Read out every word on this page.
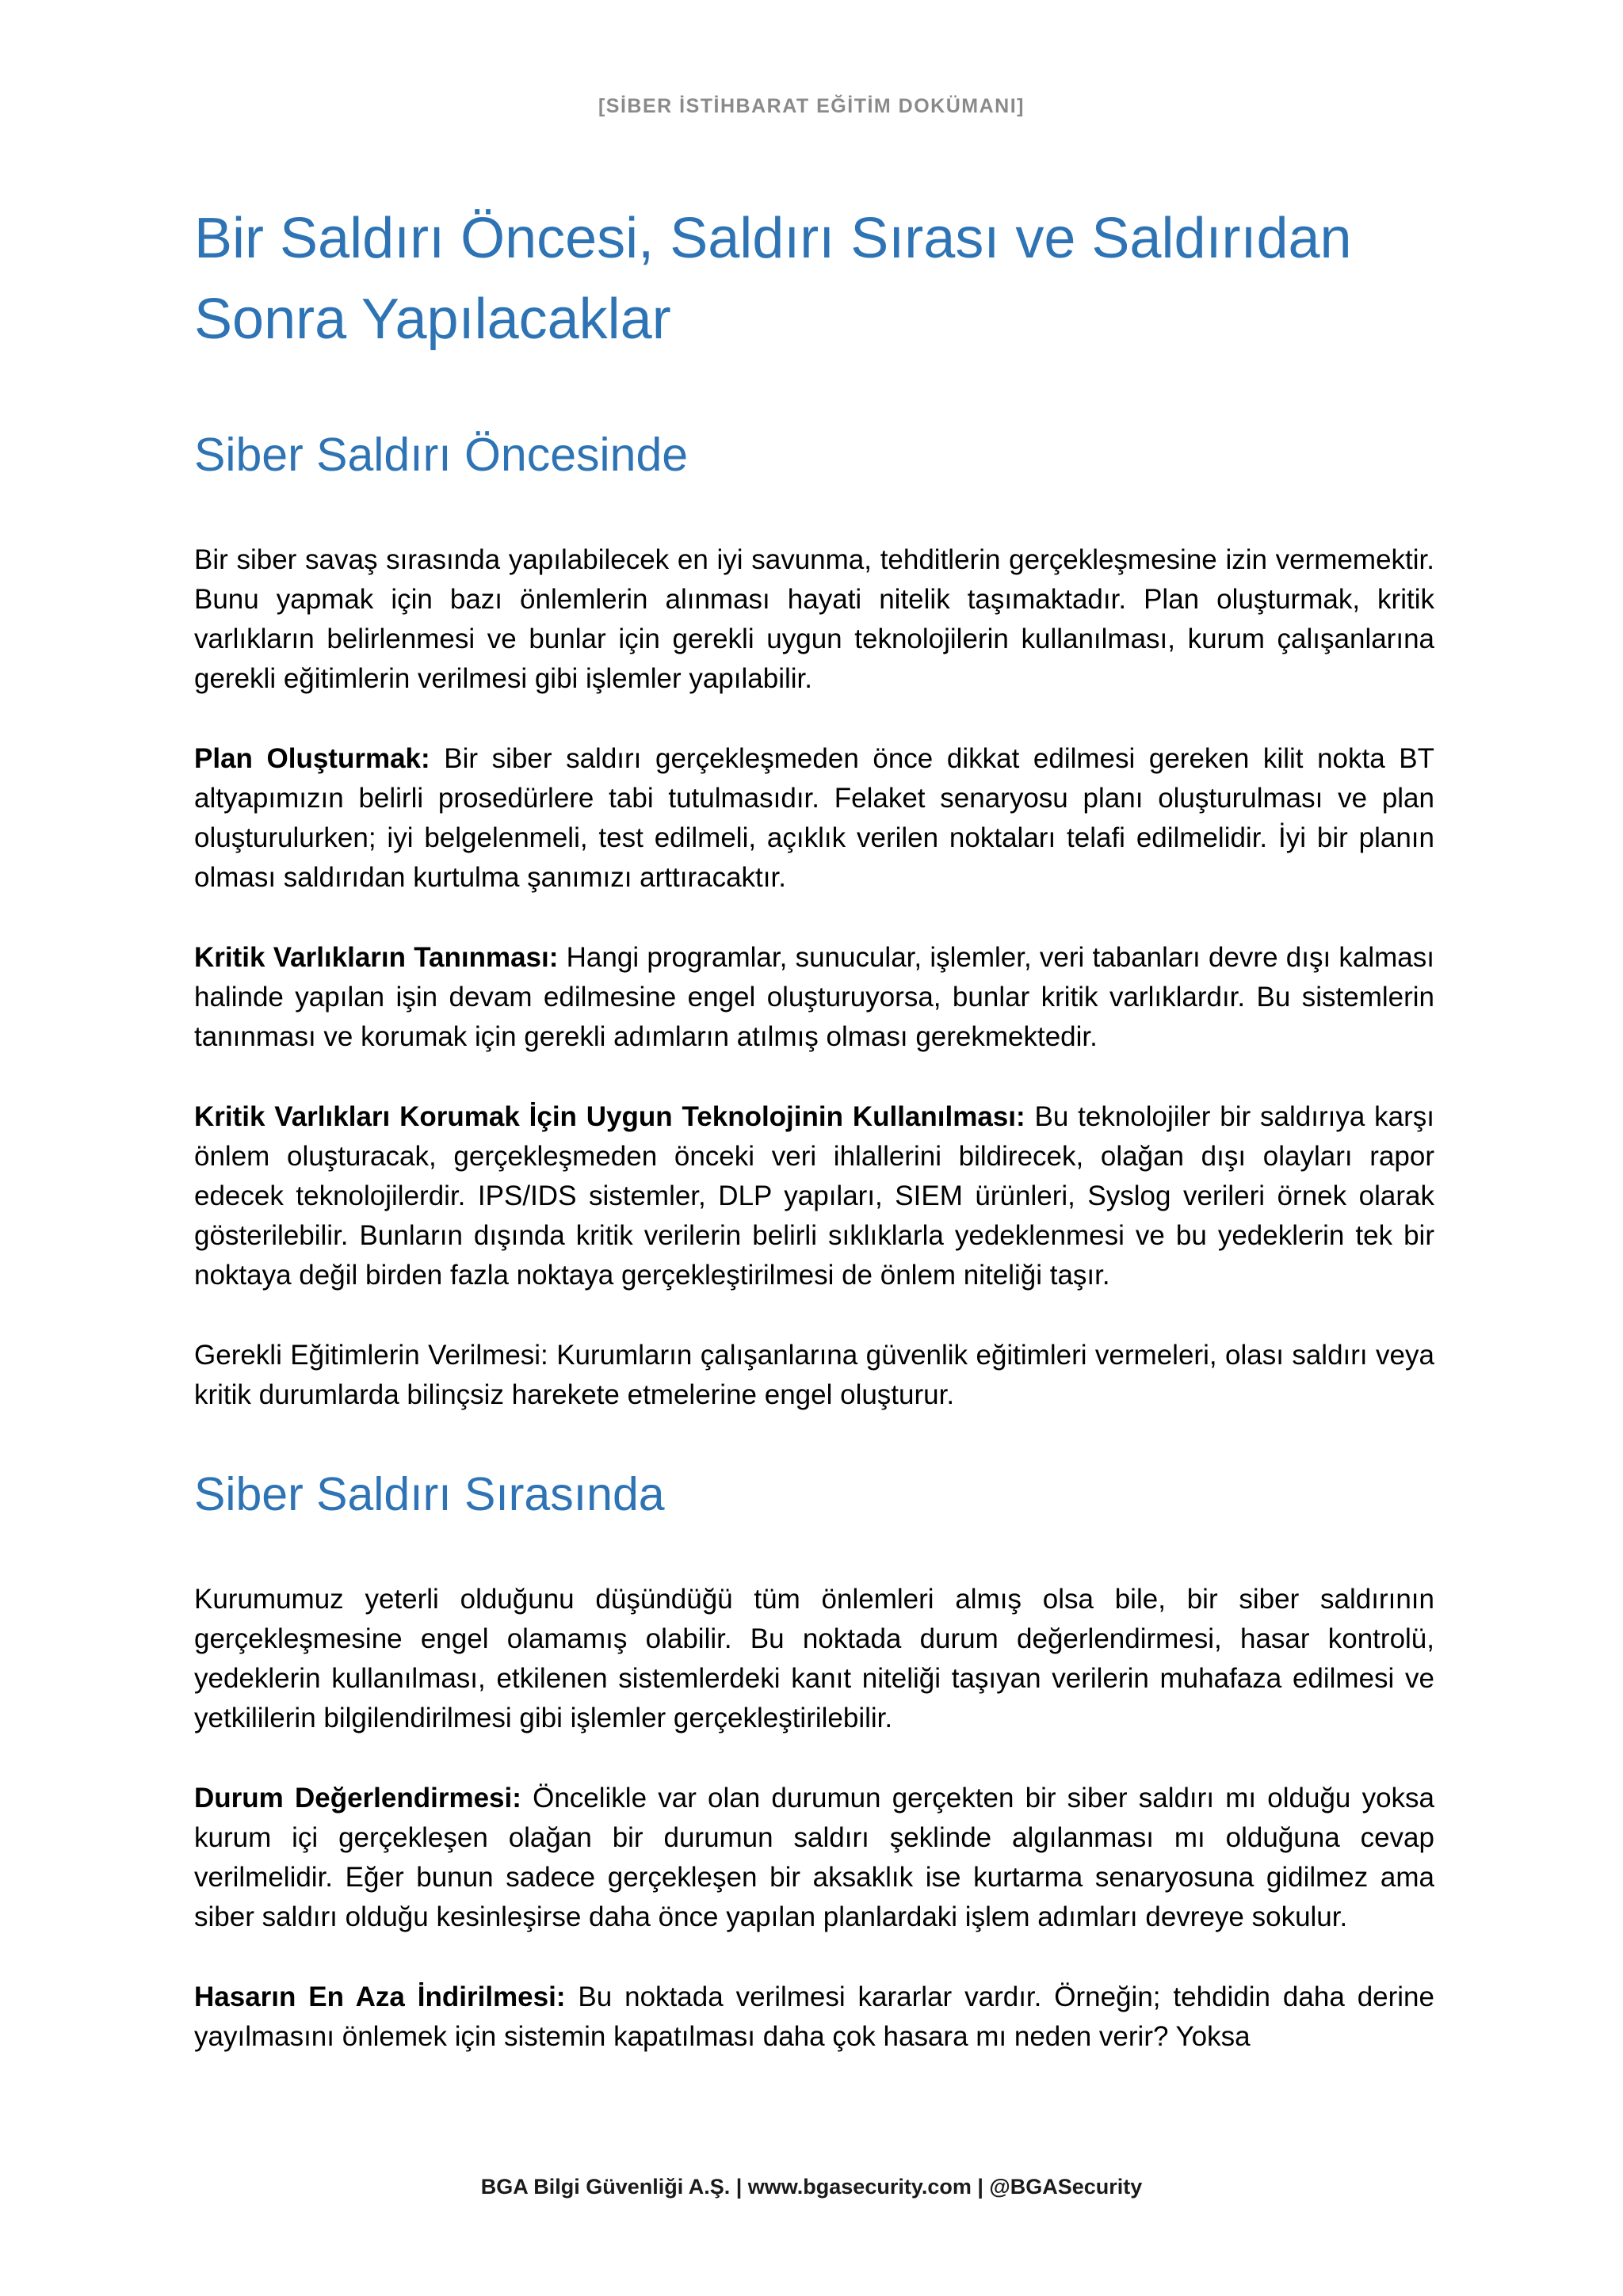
[SİBER İSTİHBARAT EĞİTİM DOKÜMANI]
Bir Saldırı Öncesi, Saldırı Sırası ve Saldırıdan Sonra Yapılacaklar
Siber Saldırı Öncesinde

Bir siber savaş sırasında yapılabilecek en iyi savunma, tehditlerin gerçekleşmesine izin vermemektir. Bunu yapmak için bazı önlemlerin alınması hayati nitelik taşımaktadır. Plan oluşturmak, kritik varlıkların belirlenmesi ve bunlar için gerekli uygun teknolojilerin kullanılması, kurum çalışanlarına gerekli eğitimlerin verilmesi gibi işlemler yapılabilir.

Plan Oluşturmak: Bir siber saldırı gerçekleşmeden önce dikkat edilmesi gereken kilit nokta BT altyapımızın belirli prosedürlere tabi tutulmasıdır. Felaket senaryosu planı oluşturulması ve plan oluşturulurken; iyi belgelenmeli, test edilmeli, açıklık verilen noktaları telafi edilmelidir. İyi bir planın olması saldırıdan kurtulma şanımızı arttıracaktır.

Kritik Varlıkların Tanınması: Hangi programlar, sunucular, işlemler, veri tabanları devre dışı kalması halinde yapılan işin devam edilmesine engel oluşturuyorsa, bunlar kritik varlıklardır. Bu sistemlerin tanınması ve korumak için gerekli adımların atılmış olması gerekmektedir.

Kritik Varlıkları Korumak İçin Uygun Teknolojinin Kullanılması: Bu teknolojiler bir saldırıya karşı önlem oluşturacak, gerçekleşmeden önceki veri ihlallerini bildirecek, olağan dışı olayları rapor edecek teknolojilerdir. IPS/IDS sistemler, DLP yapıları, SIEM ürünleri, Syslog verileri örnek olarak gösterilebilir. Bunların dışında kritik verilerin belirli sıklıklarla yedeklenmesi ve bu yedeklerin tek bir noktaya değil birden fazla noktaya gerçekleştirilmesi de önlem niteliği taşır.

Gerekli Eğitimlerin Verilmesi: Kurumların çalışanlarına güvenlik eğitimleri vermeleri, olası saldırı veya kritik durumlarda bilinçsiz harekete etmelerine engel oluşturur.

Siber Saldırı Sırasında

Kurumumuz yeterli olduğunu düşündüğü tüm önlemleri almış olsa bile, bir siber saldırının gerçekleşmesine engel olamamış olabilir. Bu noktada durum değerlendirmesi, hasar kontrolü, yedeklerin kullanılması, etkilenen sistemlerdeki kanıt niteliği taşıyan verilerin muhafaza edilmesi ve yetkililerin bilgilendirilmesi gibi işlemler gerçekleştirilebilir.

Durum Değerlendirmesi: Öncelikle var olan durumun gerçekten bir siber saldırı mı olduğu yoksa kurum içi gerçekleşen olağan bir durumun saldırı şeklinde algılanması mı olduğuna cevap verilmelidir. Eğer bunun sadece gerçekleşen bir aksaklık ise kurtarma senaryosuna gidilmez ama siber saldırı olduğu kesinleşirse daha önce yapılan planlardaki işlem adımları devreye sokulur.

Hasarın En Aza İndirilmesi: Bu noktada verilmesi kararlar vardır. Örneğin; tehdidin daha derine yayılmasını önlemek için sistemin kapatılması daha çok hasara mı neden verir? Yoksa

BGA Bilgi Güvenliği A.Ş. | www.bgasecurity.com | @BGASecurity
